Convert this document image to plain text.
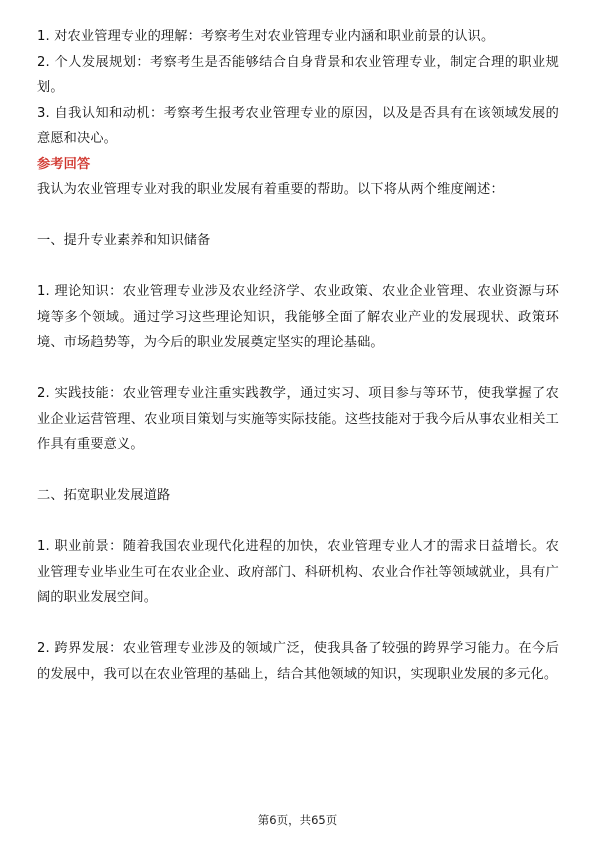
1. 对农业管理专业的理解：考察考生对农业管理专业内涵和职业前景的认识。

2. 个人发展规划：考察考生是否能够结合自身背景和农业管理专业，制定合理的职业规划。

3. 自我认知和动机：考察考生报考农业管理专业的原因，以及是否具有在该领域发展的意愿和决心。

参考回答

我认为农业管理专业对我的职业发展有着重要的帮助。以下将从两个维度阐述：

一、提升专业素养和知识储备

1. 理论知识：农业管理专业涉及农业经济学、农业政策、农业企业管理、农业资源与环境等多个领域。通过学习这些理论知识，我能够全面了解农业产业的发展现状、政策环境、市场趋势等，为今后的职业发展奠定坚实的理论基础。

2. 实践技能：农业管理专业注重实践教学，通过实习、项目参与等环节，使我掌握了农业企业运营管理、农业项目策划与实施等实际技能。这些技能对于我今后从事农业相关工作具有重要意义。

二、拓宽职业发展道路

1. 职业前景：随着我国农业现代化进程的加快，农业管理专业人才的需求日益增长。农业管理专业毕业生可在农业企业、政府部门、科研机构、农业合作社等领域就业，具有广阔的职业发展空间。

2. 跨界发展：农业管理专业涉及的领域广泛，使我具备了较强的跨界学习能力。在今后的发展中，我可以在农业管理的基础上，结合其他领域的知识，实现职业发展的多元化。

第6页，共65页
